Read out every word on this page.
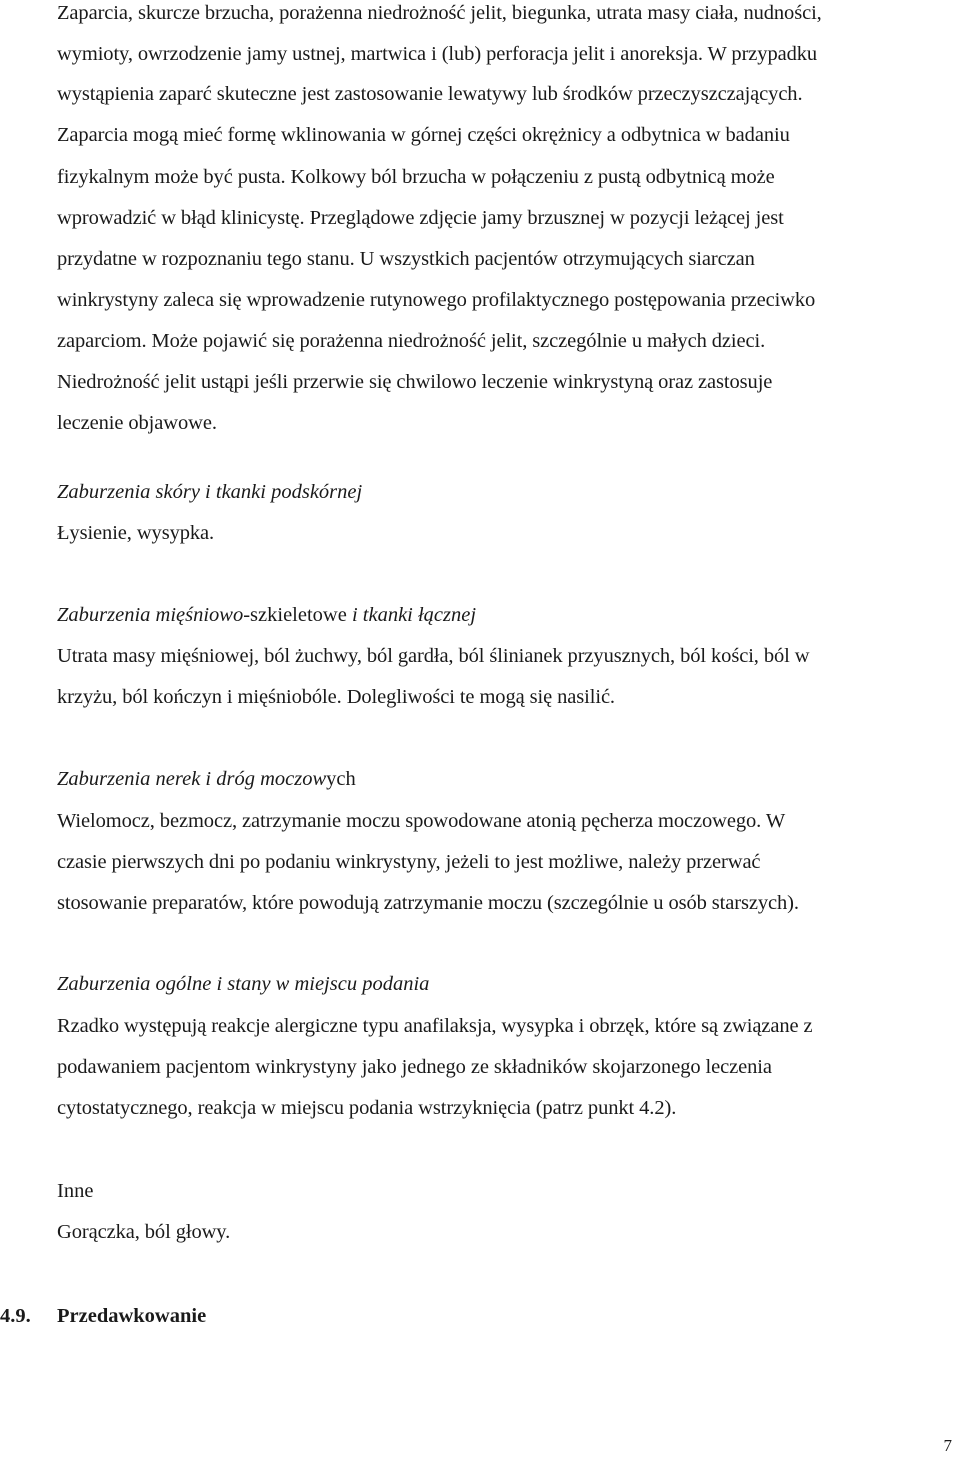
Zaparcia, skurcze brzucha, porażenna niedrożność jelit, biegunka, utrata masy ciała, nudności,
wymioty, owrzodzenie jamy ustnej, martwica i (lub) perforacja jelit i anoreksja. W przypadku
wystąpienia zaparć skuteczne jest zastosowanie lewatywy lub środków przeczyszczających.
Zaparcia mogą mieć formę wklinowania w górnej części okrężnicy a odbytnica w badaniu
fizykalnym może być pusta. Kolkowy ból brzucha w połączeniu z pustą odbytnicą może
wprowadzić w błąd klinicystę. Przeglądowe zdjęcie jamy brzusznej w pozycji leżącej jest
przydatne w rozpoznaniu tego stanu. U wszystkich pacjentów otrzymujących siarczan
winkrystyny zaleca się wprowadzenie rutynowego profilaktycznego postępowania przeciwko
zaparciom. Może pojawić się porażenna niedrożność jelit, szczególnie u małych dzieci.
Niedrożność jelit ustąpi jeśli przerwie się chwilowo leczenie winkrystyną oraz zastosuje
leczenie objawowe.
Zaburzenia skóry i tkanki podskórnej
Łysienie, wysypka.
Zaburzenia mięśniowo-szkieletowe i tkanki łącznej
Utrata masy mięśniowej, ból żuchwy, ból gardła, ból ślinianek przyusznych, ból kości, ból w
krzyżu, ból kończyn i mięśniobóle. Dolegliwości te mogą się nasilić.
Zaburzenia nerek i dróg moczowych
Wielomocz, bezmocz, zatrzymanie moczu spowodowane atonią pęcherza moczowego. W
czasie pierwszych dni po podaniu winkrystyny, jeżeli to jest możliwe, należy przerwać
stosowanie preparatów, które powodują zatrzymanie moczu (szczególnie u osób starszych).
Zaburzenia ogólne i stany w miejscu podania
Rzadko występują reakcje alergiczne typu anafilaksja, wysypka i obrzęk, które są związane z
podawaniem pacjentom winkrystyny jako jednego ze składników skojarzonego leczenia
cytostatycznego, reakcja w miejscu podania wstrzyknięcia (patrz punkt 4.2).
Inne
Gorączka, ból głowy.
4.9. Przedawkowanie
7
